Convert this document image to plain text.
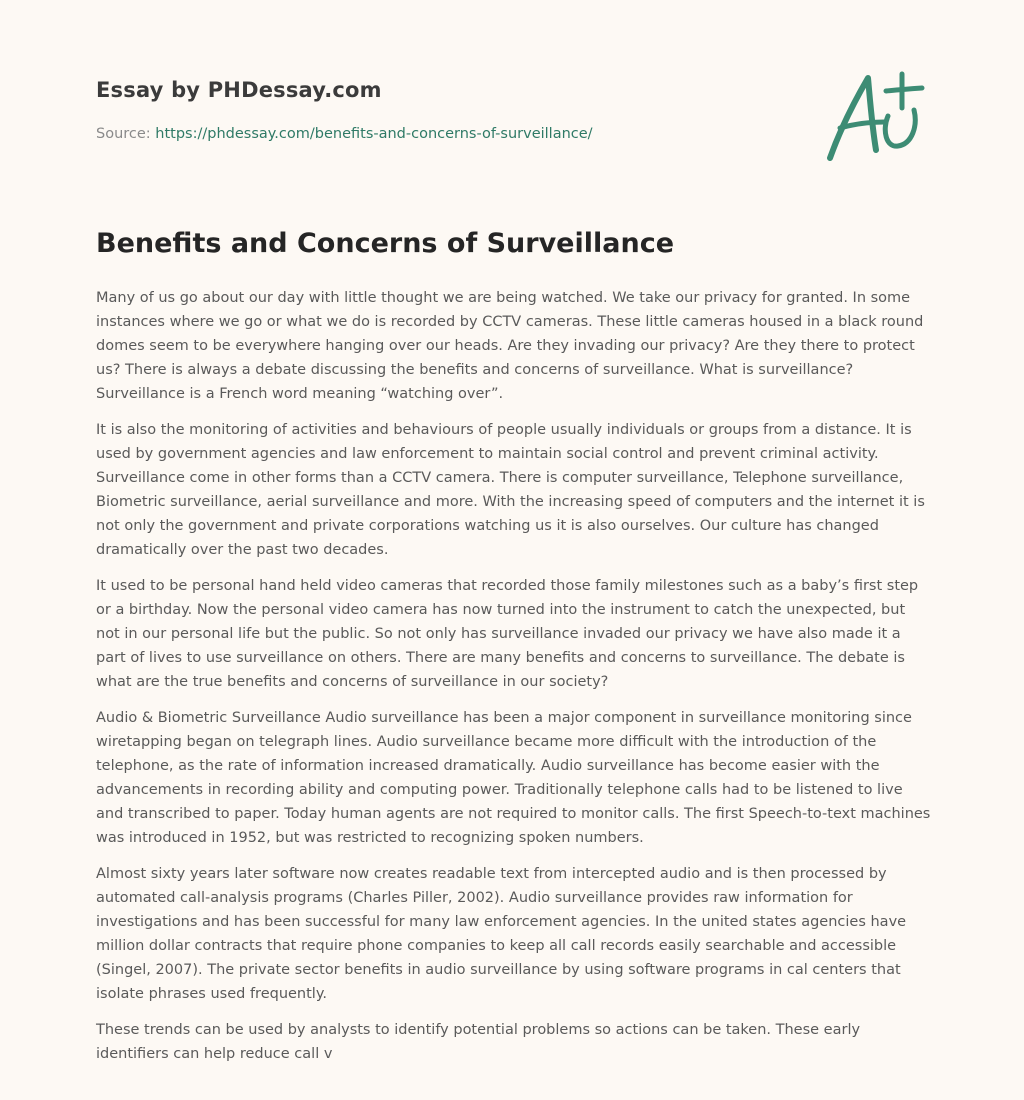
Essay by PHDessay.com
Source: https://phdessay.com/benefits-and-concerns-of-surveillance/
Benefits and Concerns of Surveillance

Many of us go about our day with little thought we are being watched. We take our privacy for granted. In some instances where we go or what we do is recorded by CCTV cameras. These little cameras housed in a black round domes seem to be everywhere hanging over our heads. Are they invading our privacy? Are they there to protect us? There is always a debate discussing the benefits and concerns of surveillance. What is surveillance? Surveillance is a French word meaning “watching over”.

It is also the monitoring of activities and behaviours of people usually individuals or groups from a distance. It is used by government agencies and law enforcement to maintain social control and prevent criminal activity. Surveillance come in other forms than a CCTV camera. There is computer surveillance, Telephone surveillance, Biometric surveillance, aerial surveillance and more. With the increasing speed of computers and the internet it is not only the government and private corporations watching us it is also ourselves. Our culture has changed dramatically over the past two decades.

It used to be personal hand held video cameras that recorded those family milestones such as a baby’s first step or a birthday. Now the personal video camera has now turned into the instrument to catch the unexpected, but not in our personal life but the public. So not only has surveillance invaded our privacy we have also made it a part of lives to use surveillance on others. There are many benefits and concerns to surveillance. The debate is what are the true benefits and concerns of surveillance in our society?

Audio & Biometric Surveillance Audio surveillance has been a major component in surveillance monitoring since wiretapping began on telegraph lines. Audio surveillance became more difficult with the introduction of the telephone, as the rate of information increased dramatically. Audio surveillance has become easier with the advancements in recording ability and computing power. Traditionally telephone calls had to be listened to live and transcribed to paper. Today human agents are not required to monitor calls. The first Speech-to-text machines was introduced in 1952, but was restricted to recognizing spoken numbers.

Almost sixty years later software now creates readable text from intercepted audio and is then processed by automated call-analysis programs (Charles Piller, 2002). Audio surveillance provides raw information for investigations and has been successful for many law enforcement agencies. In the united states agencies have million dollar contracts that require phone companies to keep all call records easily searchable and accessible (Singel, 2007). The private sector benefits in audio surveillance by using software programs in cal centers that isolate phrases used frequently.

These trends can be used by analysts to identify potential problems so actions can be taken. These early identifiers can help reduce call v
